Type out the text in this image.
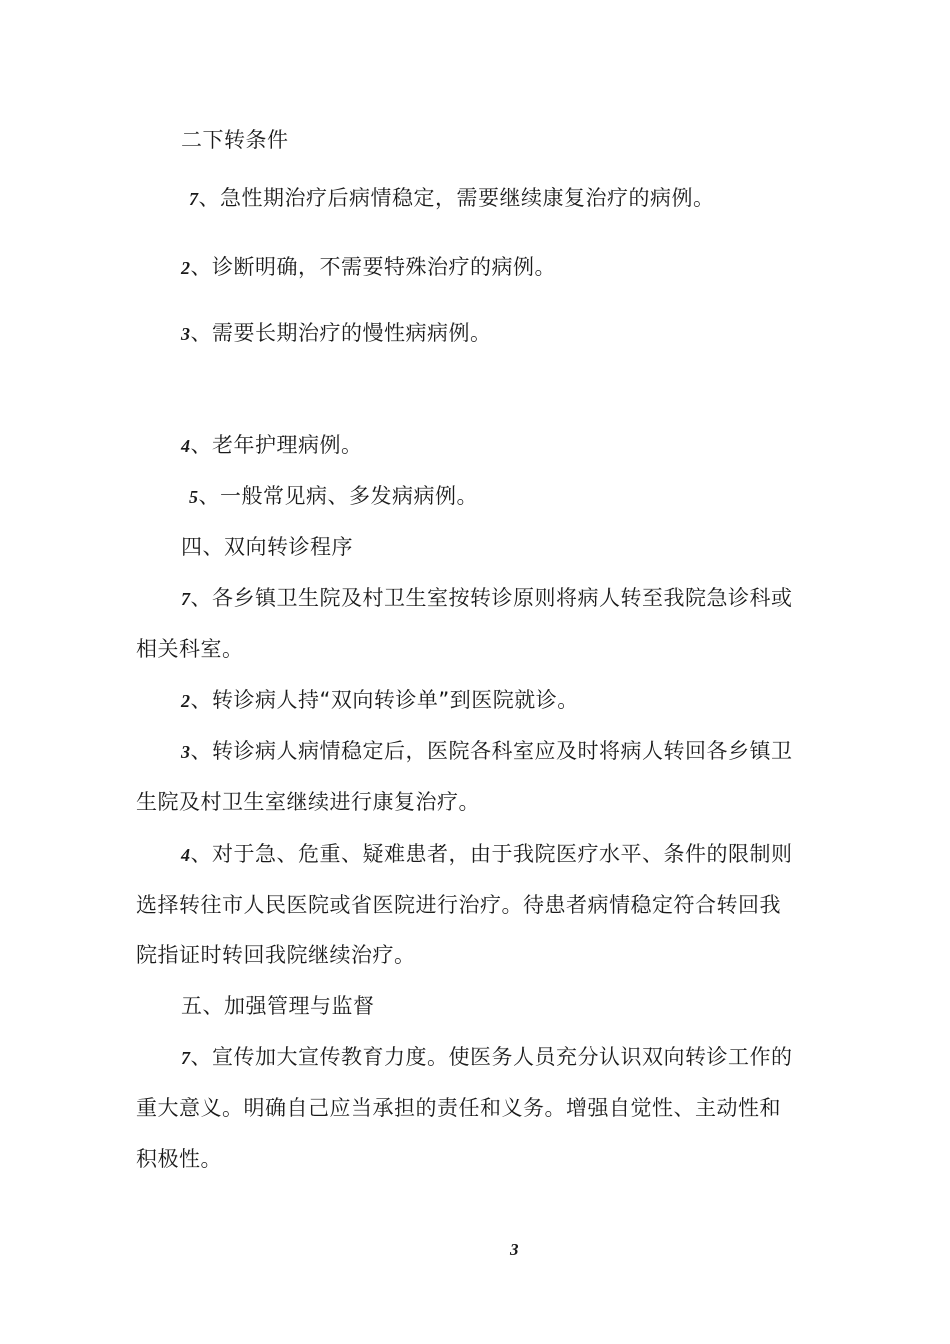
二下转条件
7、急性期治疗后病情稳定，需要继续康复治疗的病例。
2、诊断明确，不需要特殊治疗的病例。
3、需要长期治疗的慢性病病例。
4、老年护理病例。
5、一般常见病、多发病病例。
四、双向转诊程序
7、各乡镇卫生院及村卫生室按转诊原则将病人转至我院急诊科或
相关科室。
2、转诊病人持“双向转诊单”到医院就诊。
3、转诊病人病情稳定后，医院各科室应及时将病人转回各乡镇卫
生院及村卫生室继续进行康复治疗。
4、对于急、危重、疑难患者，由于我院医疗水平、条件的限制则
选择转往市人民医院或省医院进行治疗。待患者病情稳定符合转回我
院指证时转回我院继续治疗。
五、加强管理与监督
7、宣传加大宣传教育力度。使医务人员充分认识双向转诊工作的
重大意义。明确自己应当承担的责任和义务。增强自觉性、主动性和
积极性。
3
